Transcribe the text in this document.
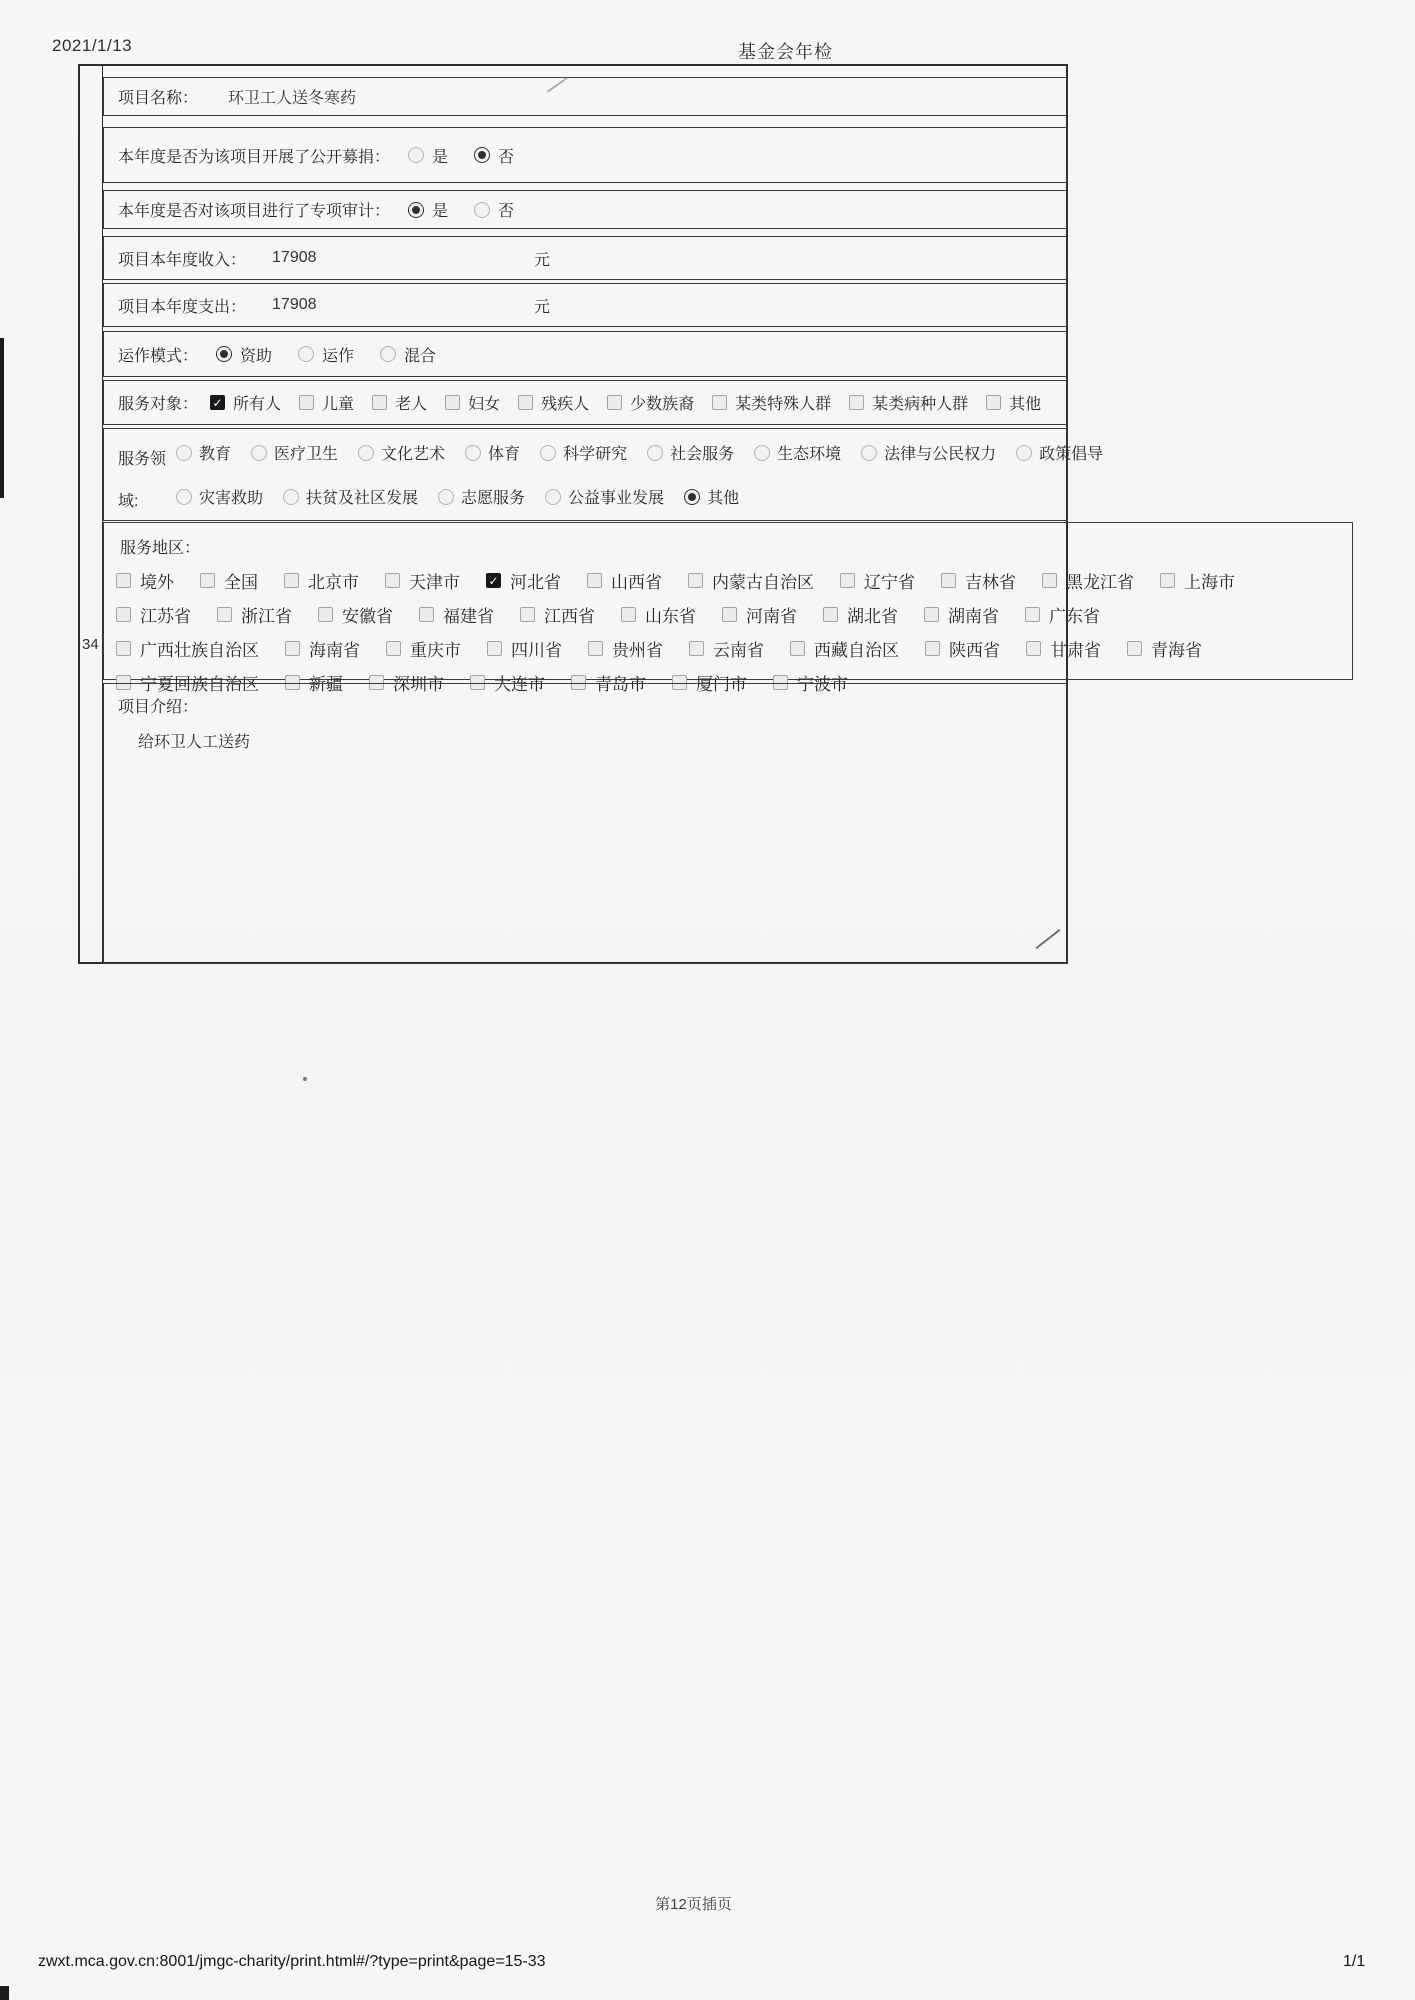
2021/1/13	基金会年检
34
项目名称： 环卫工人送冬寒药
本年度是否为该项目开展了公开募捐：	是	否
本年度是否对该项目进行了专项审计：	是	否
项目本年度收入： 17908	元
项目本年度支出： 17908	元
运作模式：	资助	运作	混合
服务对象： ✓ 所有人	儿童	老人	妇女	残疾人	少数族裔	某类特殊人群	某类病种人群	其他
服务领域:
教育	医疗卫生	文化艺术	体育	科学研究	社会服务	生态环境	法律与公民权力	政策倡导
灾害救助	扶贫及社区发展	志愿服务	公益事业发展	其他
服务地区：
境外	全国	北京市	天津市 ✓ 河北省	山西省	内蒙古自治区	辽宁省	吉林省	黑龙江省	上海市
江苏省	浙江省	安徽省	福建省	江西省	山东省	河南省	湖北省	湖南省	广东省
广西壮族自治区	海南省	重庆市	四川省	贵州省	云南省	西藏自治区	陕西省	甘肃省	青海省
宁夏回族自治区	新疆	深圳市	大连市	青岛市	厦门市	宁波市
项目介绍：
给环卫人工送药
第12页插页
zwxt.mca.gov.cn:8001/jmgc-charity/print.html#/?type=print&page=15-33	1/1
